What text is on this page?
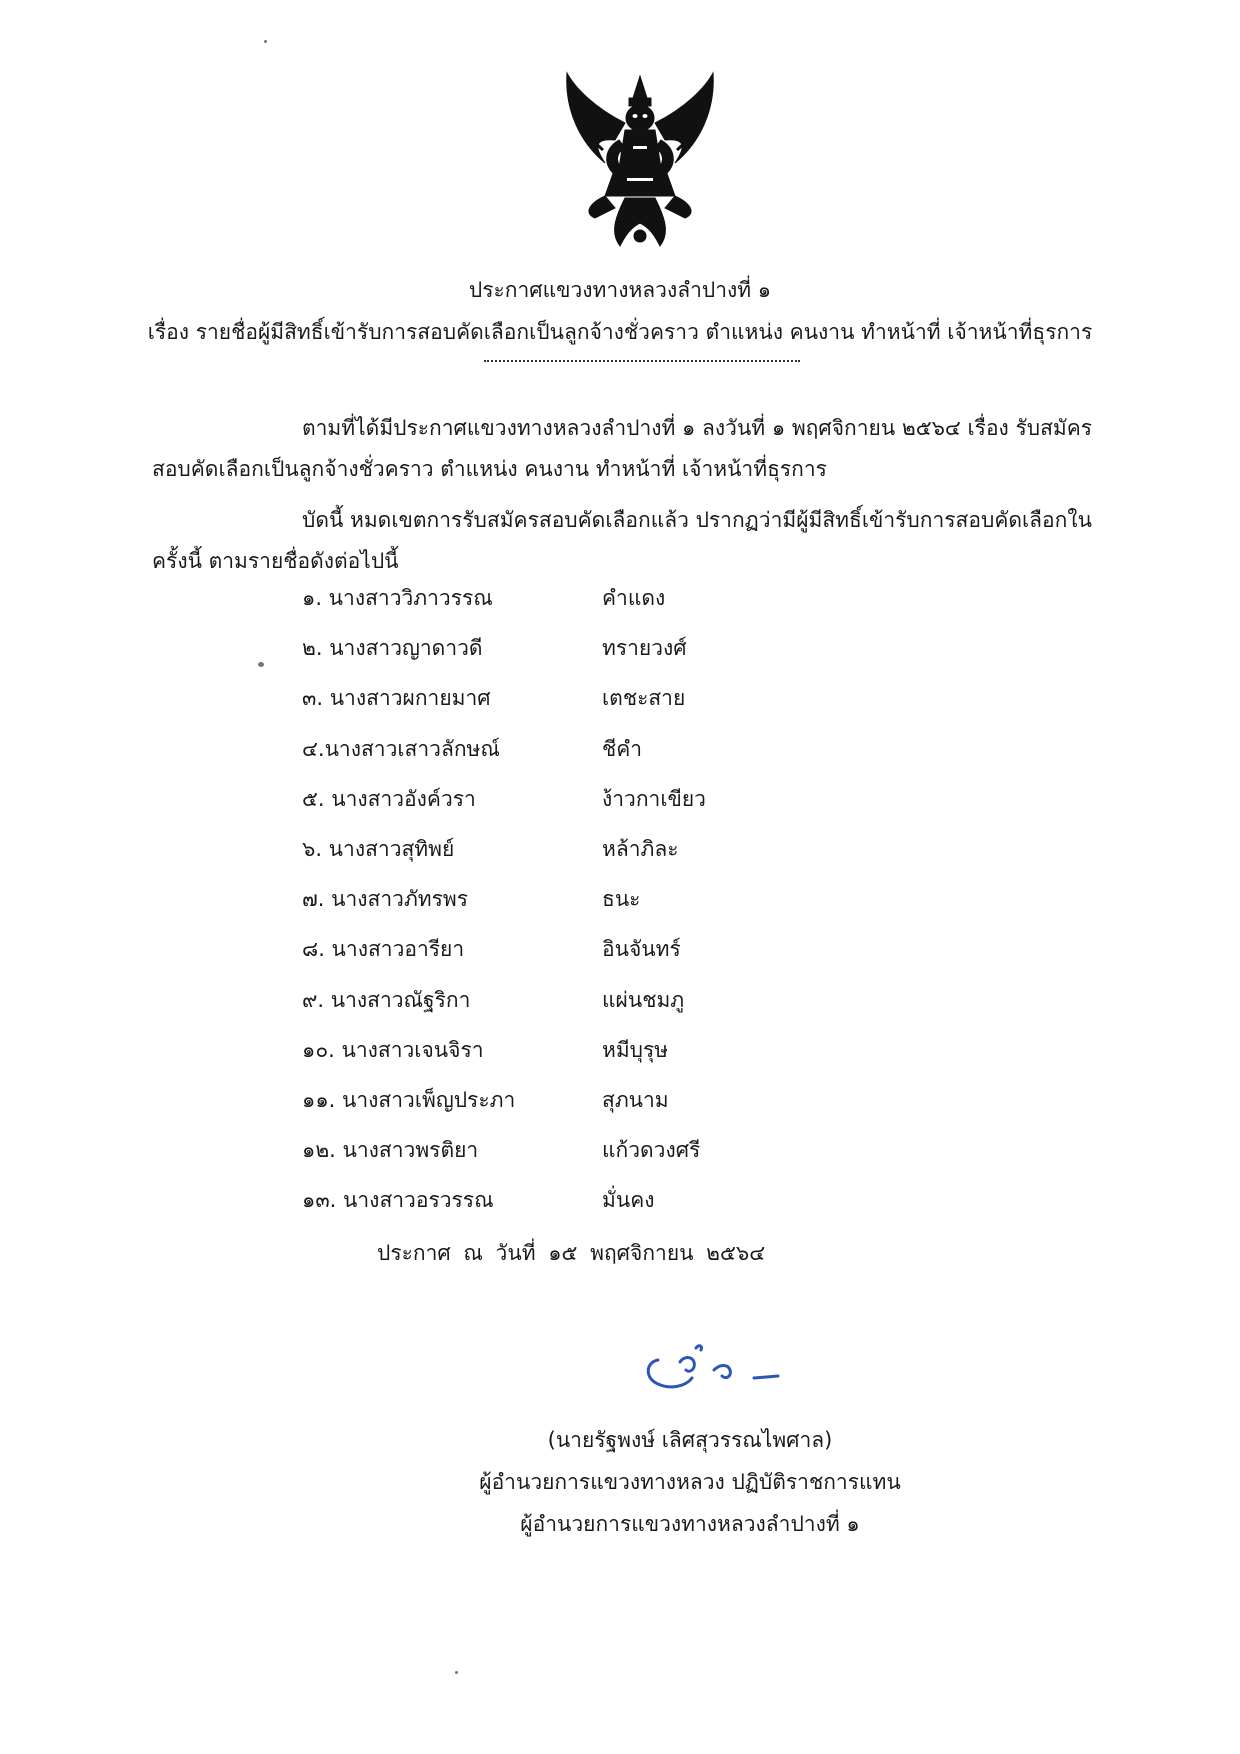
ประกาศแขวงทางหลวงลำปางที่ ๑
เรื่อง รายชื่อผู้มีสิทธิ์เข้ารับการสอบคัดเลือกเป็นลูกจ้างชั่วคราว ตำแหน่ง คนงาน ทำหน้าที่ เจ้าหน้าที่ธุรการ
ตามที่ได้มีประกาศแขวงทางหลวงลำปางที่ ๑ ลงวันที่ ๑ พฤศจิกายน ๒๕๖๔ เรื่อง รับสมัคร
สอบคัดเลือกเป็นลูกจ้างชั่วคราว ตำแหน่ง คนงาน ทำหน้าที่ เจ้าหน้าที่ธุรการ
บัดนี้ หมดเขตการรับสมัครสอบคัดเลือกแล้ว ปรากฏว่ามีผู้มีสิทธิ์เข้ารับการสอบคัดเลือกใน
ครั้งนี้ ตามรายชื่อดังต่อไปนี้
๑. นางสาววิภาวรรณ	คำแดง
๒. นางสาวญาดาวดี	ทรายวงศ์
๓. นางสาวผกายมาศ	เตชะสาย
๔.นางสาวเสาวลักษณ์	ชีคำ
๕. นางสาวอังค์วรา	ง้าวกาเขียว
๖. นางสาวสุทิพย์	หล้าภิละ
๗. นางสาวภัทรพร	ธนะ
๘. นางสาวอารียา	อินจันทร์
๙. นางสาวณัฐริกา	แผ่นชมภู
๑๐. นางสาวเจนจิรา	หมีบุรุษ
๑๑. นางสาวเพ็ญประภา	สุภนาม
๑๒. นางสาวพรติยา	แก้วดวงศรี
๑๓. นางสาวอรวรรณ	มั่นคง
ประกาศ ณ วันที่ ๑๕ พฤศจิกายน ๒๕๖๔
(นายรัฐพงษ์ เลิศสุวรรณไพศาล)
ผู้อำนวยการแขวงทางหลวง ปฏิบัติราชการแทน
ผู้อำนวยการแขวงทางหลวงลำปางที่ ๑
